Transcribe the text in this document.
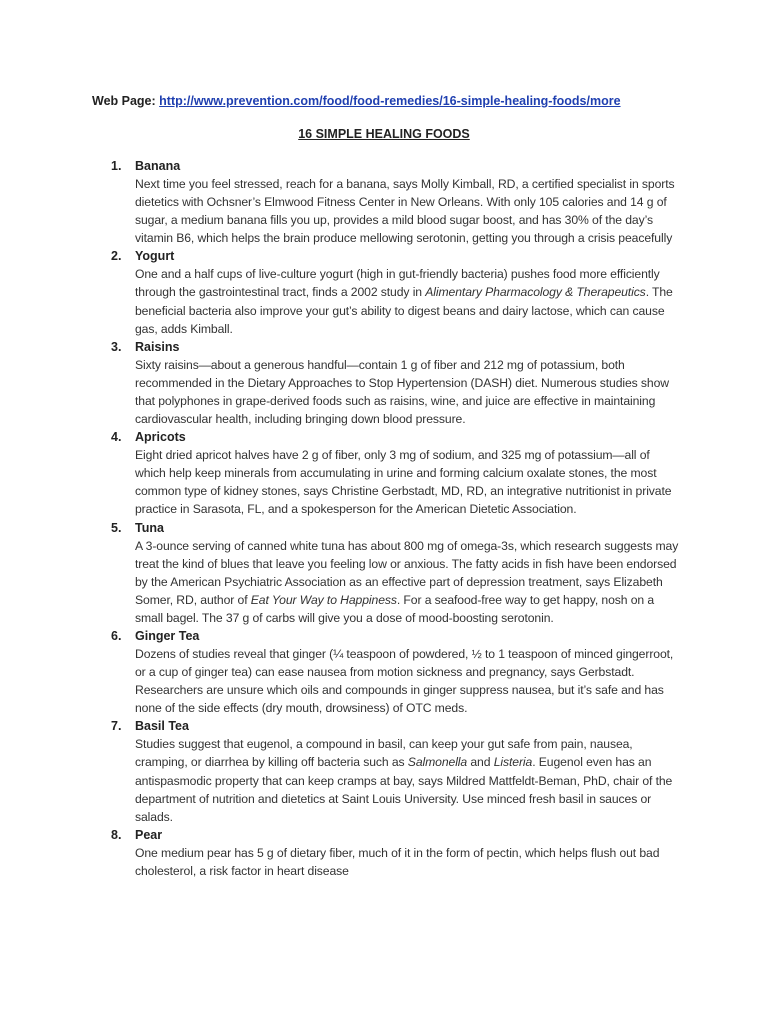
Web Page: http://www.prevention.com/food/food-remedies/16-simple-healing-foods/more
16 SIMPLE HEALING FOODS
1. Banana
Next time you feel stressed, reach for a banana, says Molly Kimball, RD, a certified specialist in sports dietetics with Ochsner’s Elmwood Fitness Center in New Orleans. With only 105 calories and 14 g of sugar, a medium banana fills you up, provides a mild blood sugar boost, and has 30% of the day’s vitamin B6, which helps the brain produce mellowing serotonin, getting you through a crisis peacefully
2. Yogurt
One and a half cups of live-culture yogurt (high in gut-friendly bacteria) pushes food more efficiently through the gastrointestinal tract, finds a 2002 study in Alimentary Pharmacology & Therapeutics. The beneficial bacteria also improve your gut’s ability to digest beans and dairy lactose, which can cause gas, adds Kimball.
3. Raisins
Sixty raisins—about a generous handful—contain 1 g of fiber and 212 mg of potassium, both recommended in the Dietary Approaches to Stop Hypertension (DASH) diet. Numerous studies show that polyphones in grape-derived foods such as raisins, wine, and juice are effective in maintaining cardiovascular health, including bringing down blood pressure.
4. Apricots
Eight dried apricot halves have 2 g of fiber, only 3 mg of sodium, and 325 mg of potassium—all of which help keep minerals from accumulating in urine and forming calcium oxalate stones, the most common type of kidney stones, says Christine Gerbstadt, MD, RD, an integrative nutritionist in private practice in Sarasota, FL, and a spokesperson for the American Dietetic Association.
5. Tuna
A 3-ounce serving of canned white tuna has about 800 mg of omega-3s, which research suggests may treat the kind of blues that leave you feeling low or anxious. The fatty acids in fish have been endorsed by the American Psychiatric Association as an effective part of depression treatment, says Elizabeth Somer, RD, author of Eat Your Way to Happiness. For a seafood-free way to get happy, nosh on a small bagel. The 37 g of carbs will give you a dose of mood-boosting serotonin.
6. Ginger Tea
Dozens of studies reveal that ginger (¼ teaspoon of powdered, ½ to 1 teaspoon of minced gingerroot, or a cup of ginger tea) can ease nausea from motion sickness and pregnancy, says Gerbstadt. Researchers are unsure which oils and compounds in ginger suppress nausea, but it’s safe and has none of the side effects (dry mouth, drowsiness) of OTC meds.
7. Basil Tea
Studies suggest that eugenol, a compound in basil, can keep your gut safe from pain, nausea, cramping, or diarrhea by killing off bacteria such as Salmonella and Listeria. Eugenol even has an antispasmodic property that can keep cramps at bay, says Mildred Mattfeldt-Beman, PhD, chair of the department of nutrition and dietetics at Saint Louis University. Use minced fresh basil in sauces or salads.
8. Pear
One medium pear has 5 g of dietary fiber, much of it in the form of pectin, which helps flush out bad cholesterol, a risk factor in heart disease
